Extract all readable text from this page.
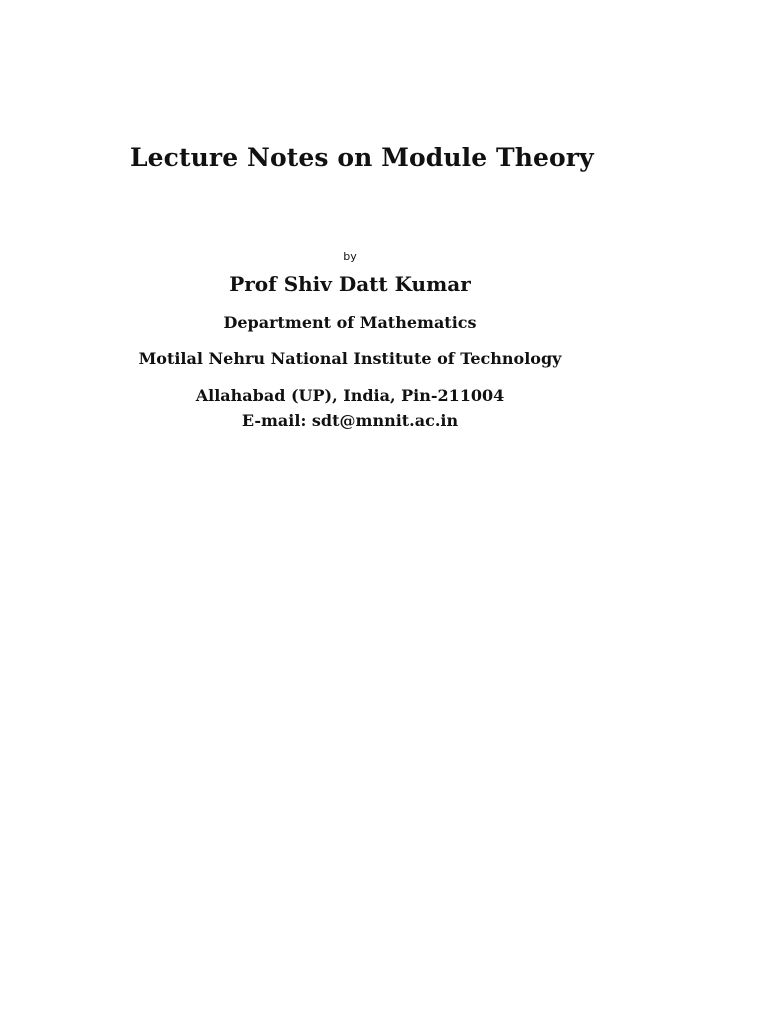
Lecture Notes on Module Theory

by

Prof Shiv Datt Kumar

Department of Mathematics

Motilal Nehru National Institute of Technology

Allahabad (UP), India, Pin-211004

E-mail: sdt@mnnit.ac.in
